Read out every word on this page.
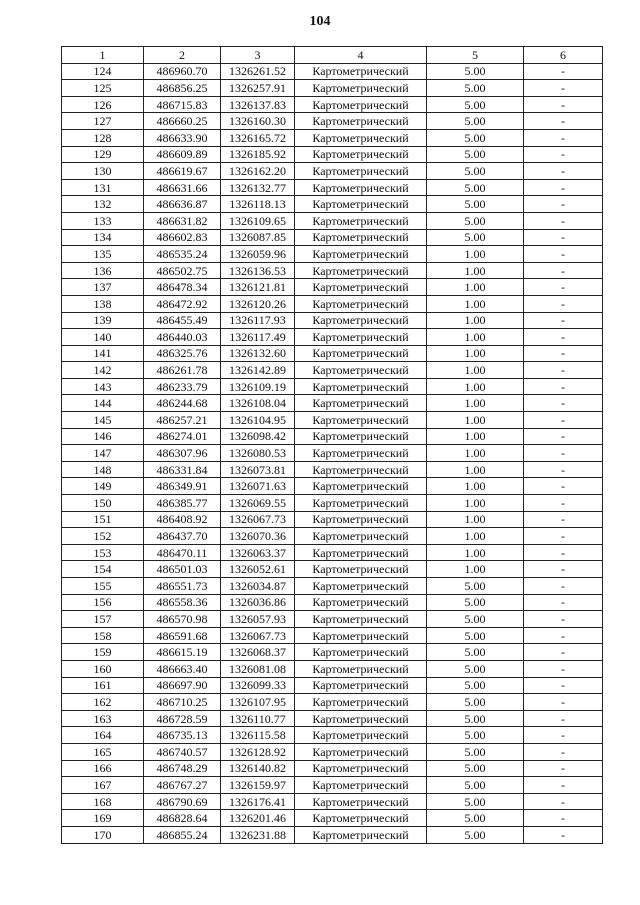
104
1	2	3	4	5	6
124	486960.70	1326261.52	Картометрический	5.00	-
125	486856.25	1326257.91	Картометрический	5.00	-
126	486715.83	1326137.83	Картометрический	5.00	-
127	486660.25	1326160.30	Картометрический	5.00	-
128	486633.90	1326165.72	Картометрический	5.00	-
129	486609.89	1326185.92	Картометрический	5.00	-
130	486619.67	1326162.20	Картометрический	5.00	-
131	486631.66	1326132.77	Картометрический	5.00	-
132	486636.87	1326118.13	Картометрический	5.00	-
133	486631.82	1326109.65	Картометрический	5.00	-
134	486602.83	1326087.85	Картометрический	5.00	-
135	486535.24	1326059.96	Картометрический	1.00	-
136	486502.75	1326136.53	Картометрический	1.00	-
137	486478.34	1326121.81	Картометрический	1.00	-
138	486472.92	1326120.26	Картометрический	1.00	-
139	486455.49	1326117.93	Картометрический	1.00	-
140	486440.03	1326117.49	Картометрический	1.00	-
141	486325.76	1326132.60	Картометрический	1.00	-
142	486261.78	1326142.89	Картометрический	1.00	-
143	486233.79	1326109.19	Картометрический	1.00	-
144	486244.68	1326108.04	Картометрический	1.00	-
145	486257.21	1326104.95	Картометрический	1.00	-
146	486274.01	1326098.42	Картометрический	1.00	-
147	486307.96	1326080.53	Картометрический	1.00	-
148	486331.84	1326073.81	Картометрический	1.00	-
149	486349.91	1326071.63	Картометрический	1.00	-
150	486385.77	1326069.55	Картометрический	1.00	-
151	486408.92	1326067.73	Картометрический	1.00	-
152	486437.70	1326070.36	Картометрический	1.00	-
153	486470.11	1326063.37	Картометрический	1.00	-
154	486501.03	1326052.61	Картометрический	1.00	-
155	486551.73	1326034.87	Картометрический	5.00	-
156	486558.36	1326036.86	Картометрический	5.00	-
157	486570.98	1326057.93	Картометрический	5.00	-
158	486591.68	1326067.73	Картометрический	5.00	-
159	486615.19	1326068.37	Картометрический	5.00	-
160	486663.40	1326081.08	Картометрический	5.00	-
161	486697.90	1326099.33	Картометрический	5.00	-
162	486710.25	1326107.95	Картометрический	5.00	-
163	486728.59	1326110.77	Картометрический	5.00	-
164	486735.13	1326115.58	Картометрический	5.00	-
165	486740.57	1326128.92	Картометрический	5.00	-
166	486748.29	1326140.82	Картометрический	5.00	-
167	486767.27	1326159.97	Картометрический	5.00	-
168	486790.69	1326176.41	Картометрический	5.00	-
169	486828.64	1326201.46	Картометрический	5.00	-
170	486855.24	1326231.88	Картометрический	5.00	-
